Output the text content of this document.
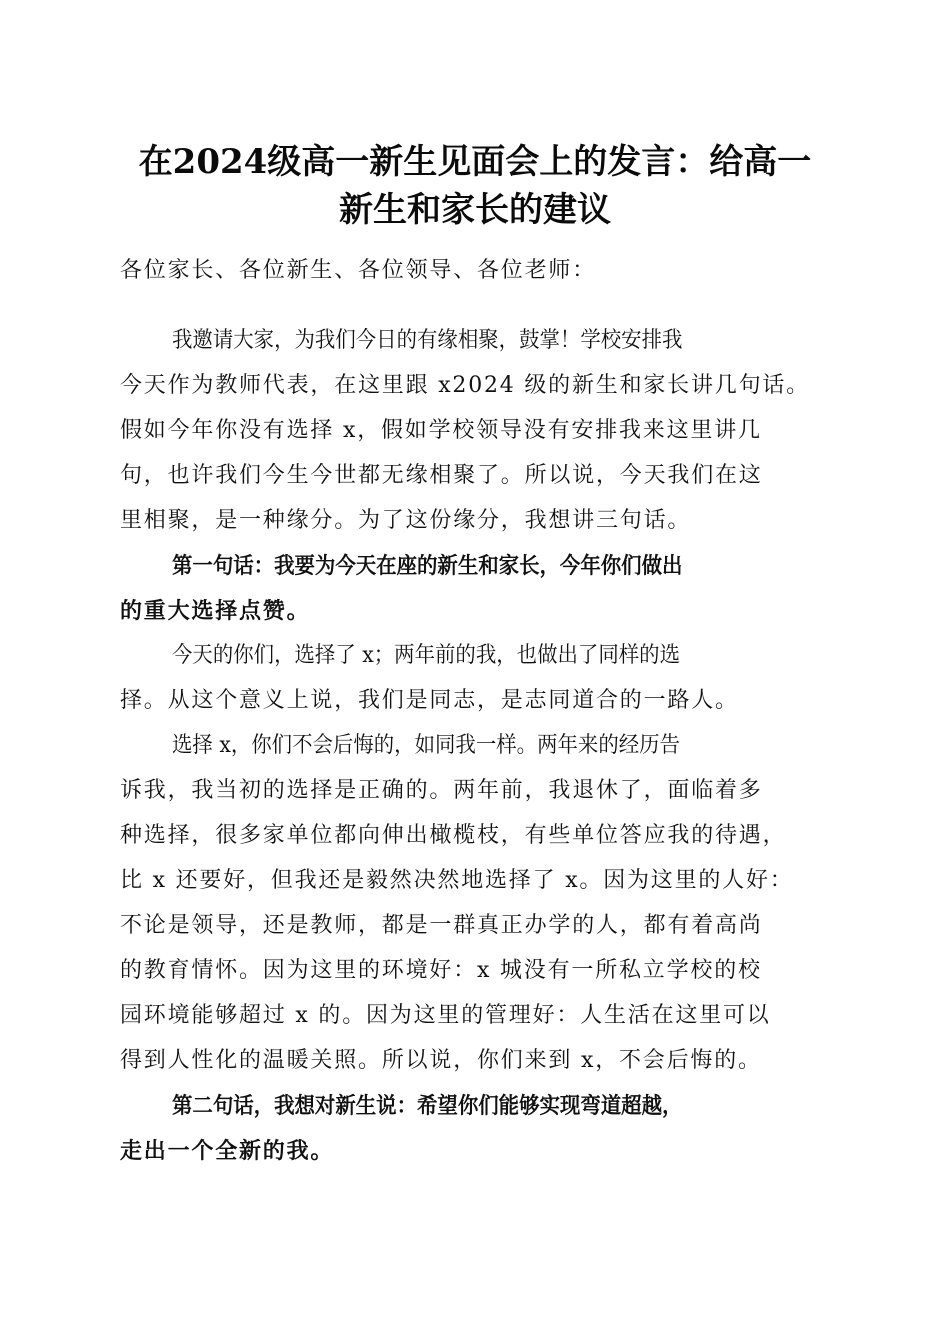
在2024级高一新生见面会上的发言：给高一
新生和家长的建议
各位家长、各位新生、各位领导、各位老师：
我邀请大家，为我们今日的有缘相聚，鼓掌！学校安排我
今天作为教师代表，在这里跟 x2024 级的新生和家长讲几句话。
假如今年你没有选择 x，假如学校领导没有安排我来这里讲几
句，也许我们今生今世都无缘相聚了。所以说，今天我们在这
里相聚，是一种缘分。为了这份缘分，我想讲三句话。
第一句话：我要为今天在座的新生和家长，今年你们做出
的重大选择点赞。
今天的你们，选择了 x；两年前的我，也做出了同样的选
择。从这个意义上说，我们是同志，是志同道合的一路人。
选择 x，你们不会后悔的，如同我一样。两年来的经历告
诉我，我当初的选择是正确的。两年前，我退休了，面临着多
种选择，很多家单位都向伸出橄榄枝，有些单位答应我的待遇，
比 x 还要好，但我还是毅然决然地选择了 x。因为这里的人好：
不论是领导，还是教师，都是一群真正办学的人，都有着高尚
的教育情怀。因为这里的环境好：x 城没有一所私立学校的校
园环境能够超过 x 的。因为这里的管理好：人生活在这里可以
得到人性化的温暖关照。所以说，你们来到 x，不会后悔的。
第二句话，我想对新生说：希望你们能够实现弯道超越，
走出一个全新的我。
